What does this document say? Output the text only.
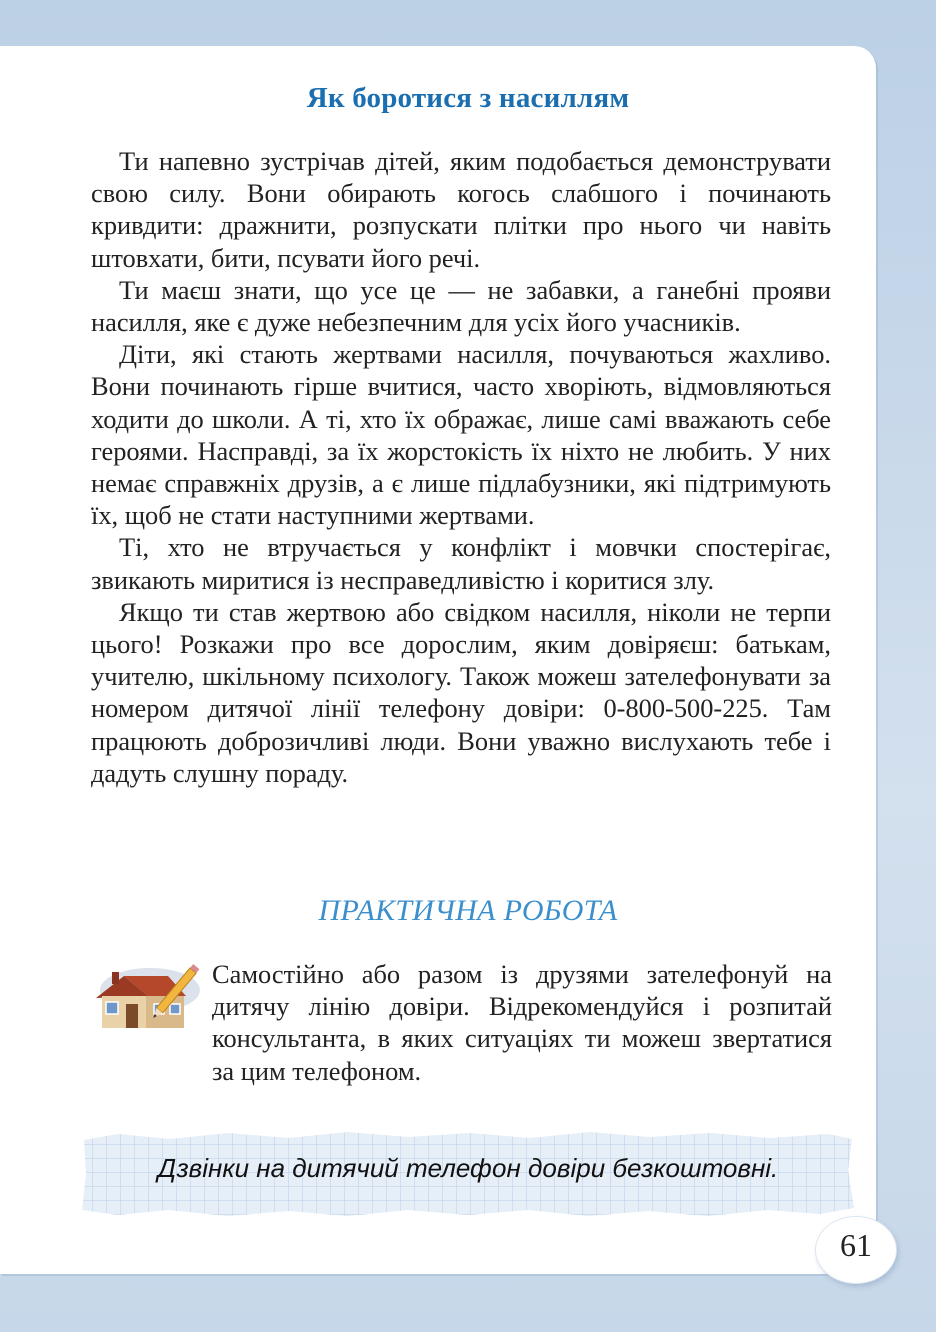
Як боротися з насиллям

Ти напевно зустрічав дітей, яким подобається демонструвати свою силу. Вони обирають когось слабшого і починають кривдити: дражнити, розпускати плітки про нього чи навіть штовхати, бити, псувати його речі.

Ти маєш знати, що усе це — не забавки, а ганебні прояви насилля, яке є дуже небезпечним для усіх його учасників.

Діти, які стають жертвами насилля, почуваються жахливо. Вони починають гірше вчитися, часто хворіють, відмовляються ходити до школи. А ті, хто їх ображає, лише самі вважають себе героями. Насправді, за їх жорстокість їх ніхто не любить. У них немає справжніх друзів, а є лише підлабузники, які підтримують їх, щоб не стати наступними жертвами.

Ті, хто не втручається у конфлікт і мовчки спостерігає, звикають миритися із несправедливістю і коритися злу.

Якщо ти став жертвою або свідком насилля, ніколи не терпи цього! Розкажи про все дорослим, яким довіряєш: батькам, учителю, шкільному психологу. Також можеш зателефонувати за номером дитячої лінії телефону довіри: 0-800-500-225. Там працюють доброзичливі люди. Вони уважно вислухають тебе і дадуть слушну пораду.

ПРАКТИЧНА РОБОТА
Самостійно або разом із друзями зателефонуй на дитячу лінію довіри. Відрекомендуйся і розпитай консультанта, в яких ситуаціях ти можеш звертатися за цим телефоном.
Дзвінки на дитячий телефон довіри безкоштовні.
61
